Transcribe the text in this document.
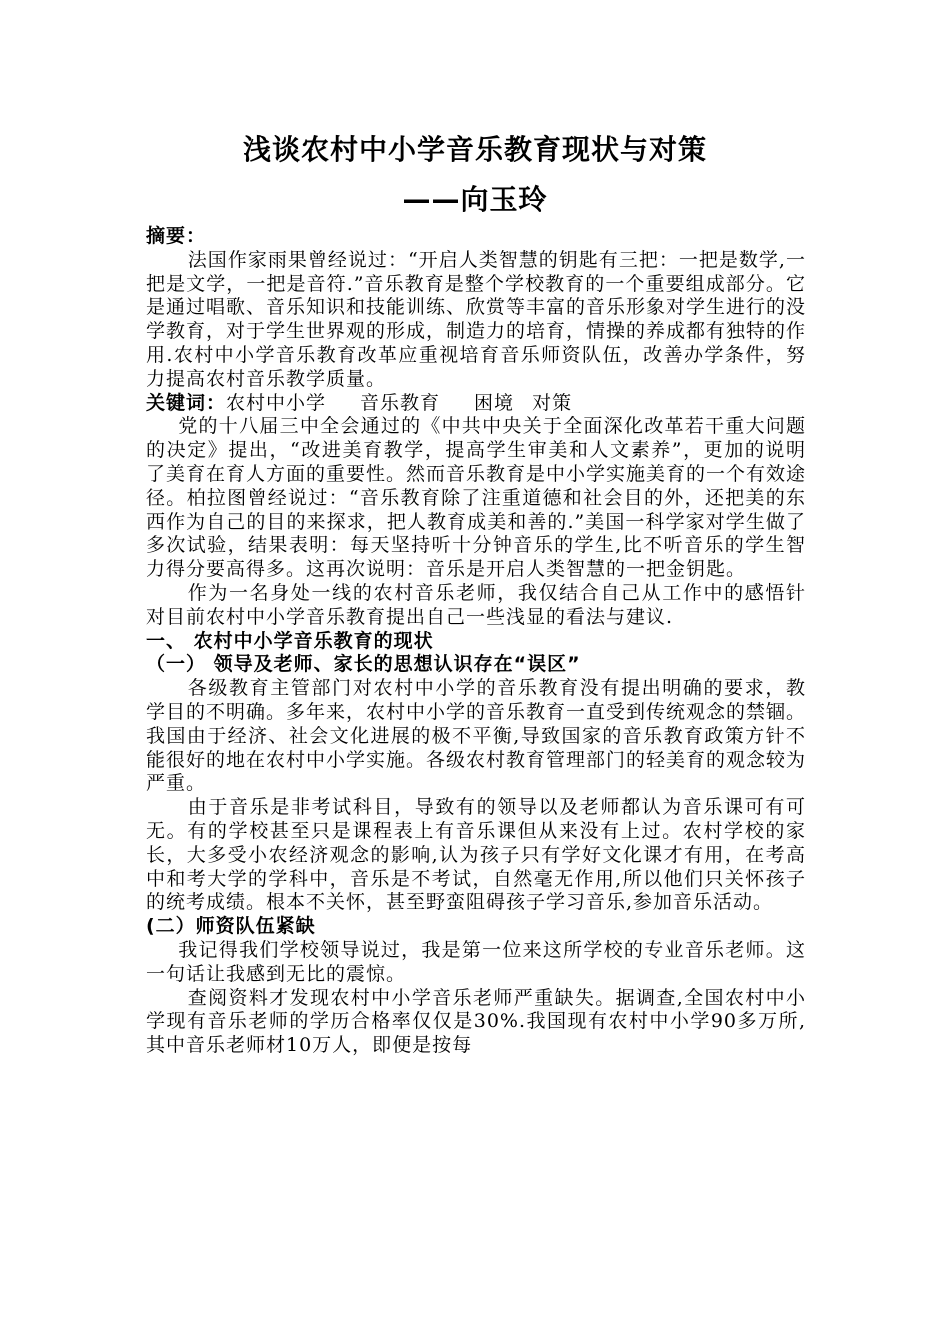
浅谈农村中小学音乐教育现状与对策
——向玉玲

摘要：

法国作家雨果曾经说过：“开启人类智慧的钥匙有三把：一把是数学,一把是文学，一把是音符.”音乐教育是整个学校教育的一个重要组成部分。它是通过唱歌、音乐知识和技能训练、欣赏等丰富的音乐形象对学生进行的没学教育，对于学生世界观的形成，制造力的培育，情操的养成都有独特的作用.农村中小学音乐教育改革应重视培育音乐师资队伍，改善办学条件，努力提高农村音乐教学质量。

关键词：农村中小学 音乐教育 困境 对策

党的十八届三中全会通过的《中共中央关于全面深化改革若干重大问题的决定》提出，“改进美育教学，提高学生审美和人文素养”，更加的说明了美育在育人方面的重要性。然而音乐教育是中小学实施美育的一个有效途径。柏拉图曾经说过：“音乐教育除了注重道德和社会目的外，还把美的东西作为自己的目的来探求，把人教育成美和善的.”美国一科学家对学生做了多次试验，结果表明：每天坚持听十分钟音乐的学生,比不听音乐的学生智力得分要高得多。这再次说明：音乐是开启人类智慧的一把金钥匙。

作为一名身处一线的农村音乐老师，我仅结合自己从工作中的感悟针对目前农村中小学音乐教育提出自己一些浅显的看法与建议.

一、 农村中小学音乐教育的现状

（一） 领导及老师、家长的思想认识存在“误区”

各级教育主管部门对农村中小学的音乐教育没有提出明确的要求，教学目的不明确。多年来，农村中小学的音乐教育一直受到传统观念的禁锢。我国由于经济、社会文化进展的极不平衡,导致国家的音乐教育政策方针不能很好的地在农村中小学实施。各级农村教育管理部门的轻美育的观念较为严重。

由于音乐是非考试科目，导致有的领导以及老师都认为音乐课可有可无。有的学校甚至只是课程表上有音乐课但从来没有上过。农村学校的家长，大多受小农经济观念的影响,认为孩子只有学好文化课才有用，在考高中和考大学的学科中，音乐是不考试，自然毫无作用,所以他们只关怀孩子的统考成绩。根本不关怀，甚至野蛮阻碍孩子学习音乐,参加音乐活动。

(二）师资队伍紧缺

我记得我们学校领导说过，我是第一位来这所学校的专业音乐老师。这一句话让我感到无比的震惊。

查阅资料才发现农村中小学音乐老师严重缺失。据调查,全国农村中小学现有音乐老师的学历合格率仅仅是30%.我国现有农村中小学90多万所,其中音乐老师材10万人，即便是按每
